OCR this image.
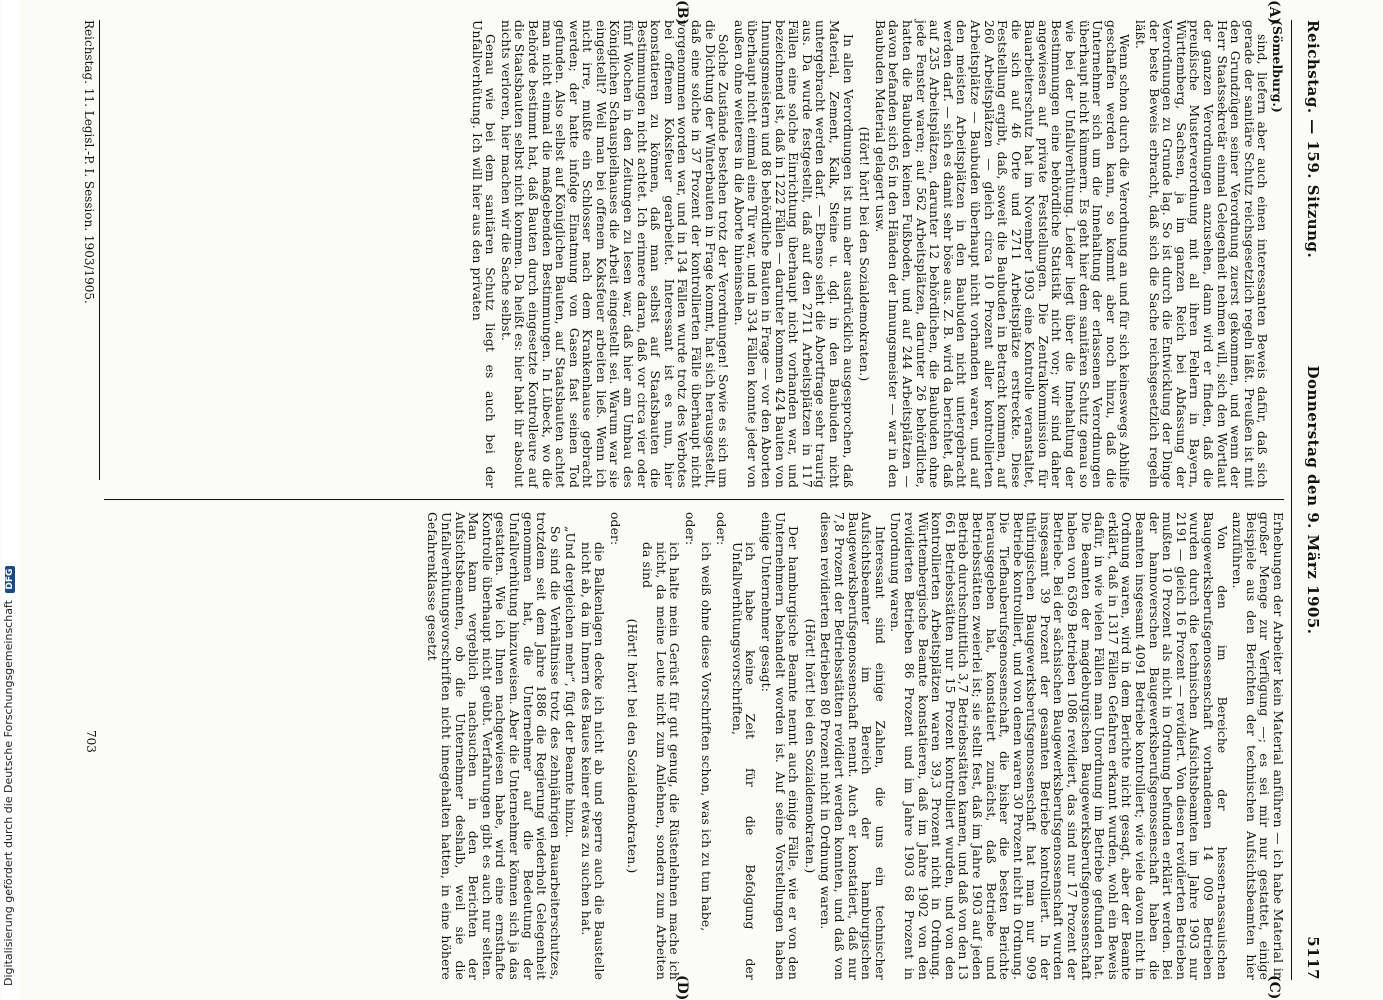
Reichstag. — 159. Sitzung.
Donnerstag den 9. März 1905.
5117
(A)
(B)
(C)
(D)

(Sömelburg.)

sind, liefern aber auch einen interessanten Beweis dafür, daß sich gerade der sanitäre Schutz reichsgesetzlich regeln läßt. Preußen ist mit den Grundzügen seiner Verordnung zuerst gekommen, und wenn der Herr Staatssekretär einmal Gelegenheit nehmen will, sich den Wortlaut der ganzen Verordnungen anzusehen, dann wird er finden, daß die preußische Musterverordnung mit all ihren Fehlern in Bayern, Württemberg, Sachsen, ja im ganzen Reich bei Abfassung der Verordnungen zu Grunde lag. So ist durch die Entwicklung der Dinge der beste Beweis erbracht, daß sich die Sache reichsgesetzlich regeln läßt.

Wenn schon durch die Verordnung an und für sich keineswegs Abhilfe geschaffen werden kann, so kommt aber noch hinzu, daß die Unternehmer sich um die Innehaltung der erlassenen Verordnungen überhaupt nicht kümmern. Es geht hier dem sanitären Schutz genau so wie bei der Unfallverhütung. Leider liegt über die Innehaltung der Bestimmungen eine behördliche Statistik nicht vor; wir sind daher angewiesen auf private Feststellungen. Die Zentralkommission für Bauarbeiterschutz hat im November 1903 eine Kontrolle veranstaltet, die sich auf 46 Orte und 2711 Arbeitsplätze erstreckte. Diese Feststellung ergibt, daß, soweit die Baubuden in Betracht kommen, auf 260 Arbeitsplätzen — gleich circa 10 Prozent aller kontrollierten Arbeitsplätze — Baubuden überhaupt nicht vorhanden waren, und auf den meisten Arbeitsplätzen in den Baubuden nicht untergebracht werden darf. — sich es damit sehr böse aus. Z. B. wird da berichtet, daß auf 235 Arbeitsplätzen, darunter 12 behördlichen, die Baubuden ohne jede Fenster waren; auf 562 Arbeitsplätzen, darunter 26 behördliche, hatten die Baubuden keinen Fußboden, und auf 244 Arbeitsplätzen — davon befanden sich 65 in den Händen der Innungsmeister — war in den Baubuden Material gelagert usw.

(Hört! hört! bei den Sozialdemokraten.)

In allen Verordnungen ist nun aber ausdrücklich ausgesprochen, daß Material, Zement, Kalk, Steine u. dgl. in den Baubuden nicht untergebracht werden darf. — Ebenso sieht die Abortfrage sehr traurig aus. Da wurde festgestellt, daß auf den 2711 Arbeitsplätzen in 117 Fällen eine solche Einrichtung überhaupt nicht vorhanden war, und bezeichnend ist, daß in 1222 Fällen — darunter kommen 424 Bauten von Innungsmeistern und 86 behördliche Bauten in Frage — vor den Aborten überhaupt nicht einmal eine Tür war, und in 334 Fällen konnte jeder von außen ohne weiteres in die Aborte hineinsehen.

Solche Zustände bestehen trotz der Verordnungen! Sowie es sich um die Dichtung der Winterbauten in Frage kommt, hat sich herausgestellt, daß eine solche in 37 Prozent der kontrollierten Fälle überhaupt nicht vorgenommen worden war, und in 134 Fällen wurde trotz des Verbotes bei offenem Koksfeuer gearbeitet. Interessant ist es nun, hier konstatieren zu können, daß man selbst auf Staatsbauten die Bestimmungen nicht achtet. Ich erinnere daran, daß vor circa vier oder fünf Wochen in den Zeitungen zu lesen war, daß hier am Umbau des Königlichen Schauspielhauses die Arbeit eingestellt sei. Warum war sie eingestellt? Weil man bei offenem Koksfeuer arbeiten ließ. Wenn ich nicht irre, mußte ein Schlosser nach dem Krankenhause gebracht werden; der hatte infolge Einatmung von Gasen fast seinen Tod gefunden. Also selbst auf Königlichen Bauten, auf Staatsbauten achtet man nicht einmal die maßgebenden Bestimmungen. In Lübeck, wo die Behörde bestimmt hat, daß Bauten durch eingesetzte Kontrolleure auf die Staatsbauten selbst nicht kommen. Da heißt es: hier habt ihr absolut nichts verloren, hier machen wir die Sache selbst.

Genau wie bei dem sanitären Schutz liegt es auch bei der Unfallverhütung. Ich will hier aus den privaten

Erhebungen der Arbeiter kein Material anführen — ich habe Material in großer Menge zur Verfügung —; es sei mir nur gestattet, einige Beispiele aus den Berichten der technischen Aufsichtsbeamten hier anzuführen.

Von den im Bereiche der hessen-nassauischen Baugewerksberufsgenossenschaft vorhandenen 14 009 Betrieben wurden durch die technischen Aufsichtsbeamten im Jahre 1903 nur 2191 — gleich 16 Prozent — revidiert. Von diesen revidierten Betrieben mußten 10 Prozent als nicht in Ordnung befunden erklärt werden. Bei der hannoverschen Baugewerksberufsgenossenschaft haben die Beamten insgesamt 4091 Betriebe kontrolliert; wie viele davon nicht in Ordnung waren, wird in dem Berichte nicht gesagt, aber der Beamte erklärt, daß in 1317 Fällen Gefahren erkannt wurden, wohl ein Beweis dafür, in wie vielen Fällen man Unordnung im Betriebe gefunden hat. Die Beamten der magdeburgischen Baugewerksberufsgenossenschaft haben von 6369 Betrieben 1086 revidiert, das sind nur 17 Prozent der Betriebe. Bei der sächsischen Baugewerksberufsgenossenschaft wurden insgesamt 39 Prozent der gesamten Betriebe kontrolliert. In der thüringischen Baugewerksberufsgenossenschaft hat man nur 909 Betriebe kontrolliert, und von denen waren 30 Prozent nicht in Ordnung. Die Tiefbauberufsgenossenschaft, die bisher die besten Berichte herausgegeben hat, konstatiert zunächst, daß Betriebe und Betriebsstätten zweierlei ist; sie stellt fest, daß im Jahre 1903 auf jeden Betrieb durchschnittlich 3,7 Betriebsstätten kamen, und daß von den 13 661 Betriebsstätten nur 15 Prozent kontrolliert wurden, und von den kontrollierten Arbeitsplätzen waren 39,3 Prozent nicht in Ordnung. Württembergische Beamte konstatieren, daß im Jahre 1902 von den revidierten Betrieben 86 Prozent und im Jahre 1903 68 Prozent in Unordnung waren.

Interessant sind einige Zahlen, die uns ein technischer Aufsichtsbeamter im Bereich der hamburgischen Baugewerksberufsgenossenschaft nennt. Auch er konstatiert, daß nur 7,8 Prozent der Betriebsstätten revidiert werden konnten, und daß von diesen revidierten Betrieben 80 Prozent nicht in Ordnung waren.

(Hört! hört! bei den Sozialdemokraten.)

Der hamburgische Beamte nennt auch einige Fälle, wie er von den Unternehmern behandelt worden ist. Auf seine Vorstellungen haben einige Unternehmer gesagt:

ich habe keine Zeit für die Befolgung der Unfallverhütungsvorschriften,

oder:

ich weiß ohne diese Vorschriften schon, was ich zu tun habe,

oder:

ich halte mein Gerüst für gut genug, die Rüstenlehnen mache ich nicht, da meine Leute nicht zum Anlehnen, sondern zum Arbeiten da sind

(Hört! hört! bei den Sozialdemokraten.)

oder:

die Balkenlagen decke ich nicht ab und sperre auch die Baustelle nicht ab, da im Innern des Baues keiner etwas zu suchen hat.

„Und dergleichen mehr“, fügt der Beamte hinzu.

So sind die Verhältnisse trotz des zehnjährigen Bauarbeiterschutzes, trotzdem seit dem Jahre 1886 die Regierung wiederholt Gelegenheit genommen hat, die Unternehmer auf die Bedeutung der Unfallverhütung hinzuweisen. Aber die Unternehmer können sich ja das gestatten. Wie ich Ihnen nachgewiesen habe, wird eine ernsthafte Kontrolle überhaupt nicht geübt. Verfahrungen gibt es auch nur selten. Man kann vergeblich nachsuchen in den Berichten der Aufsichtsbeamten, ob die Unternehmer deshalb, weil sie die Unfallverhütungsvorschriften nicht innegehalten hatten, in eine höhere Gefahrenklasse gesetzt

Reichstag. 11. Legisl.-P. I. Session. 1903/1905.
703
Digitalisierung gefördert durch die Deutsche Forschungsgemeinschaft DFG
